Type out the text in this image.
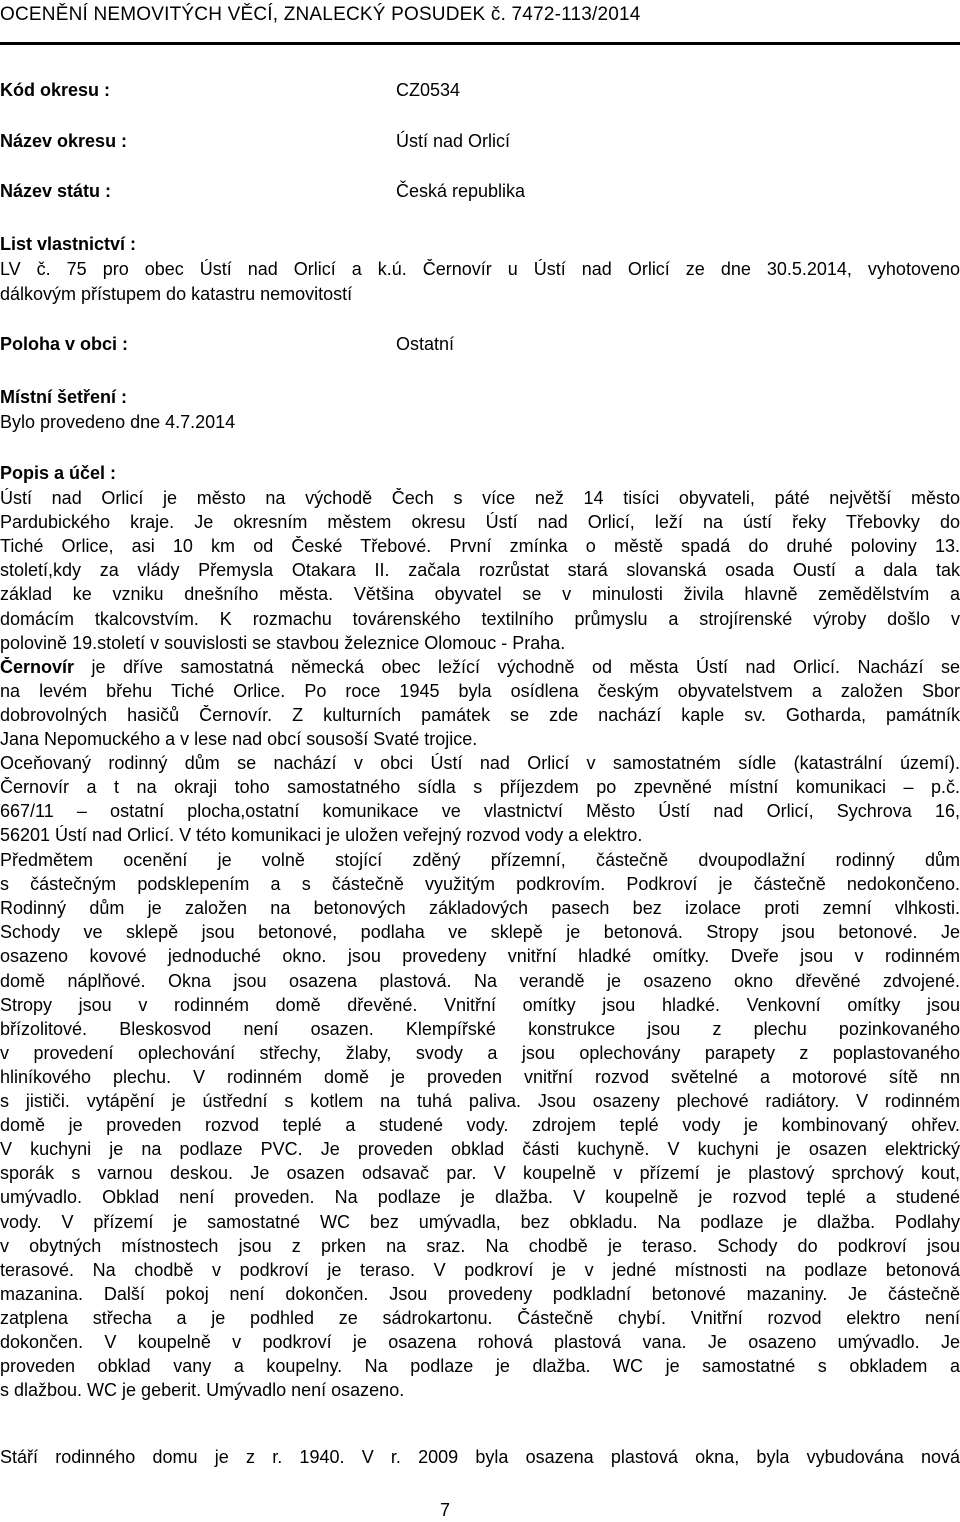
OCENĚNÍ NEMOVITÝCH VĚCÍ, ZNALECKÝ POSUDEK č. 7472-113/2014
Kód okresu :	CZ0534
Název okresu :	Ústí nad Orlicí
Název státu :	Česká republika
List vlastnictví :
LV č. 75 pro obec Ústí nad Orlicí a k.ú. Černovír u Ústí nad Orlicí ze dne 30.5.2014, vyhotoveno
dálkovým přístupem do katastru nemovitostí
Poloha v obci :	Ostatní
Místní šetření :
Bylo provedeno dne 4.7.2014
Popis a účel :
Ústí nad Orlicí je město na východě Čech s více než 14 tisíci obyvateli, páté největší město
Pardubického kraje. Je okresním městem okresu Ústí nad Orlicí, leží na ústí řeky Třebovky do
Tiché Orlice, asi 10 km od České Třebové. První zmínka o městě spadá do druhé poloviny 13.
století,kdy za vlády Přemysla Otakara II. začala rozrůstat stará slovanská osada Oustí a dala tak
základ ke vzniku dnešního města. Většina obyvatel se v minulosti živila hlavně zemědělstvím a
domácím tkalcovstvím. K rozmachu továrenského textilního průmyslu a strojírenské výroby došlo v
polovině 19.století v souvislosti se stavbou železnice Olomouc - Praha.
Černovír je dříve samostatná německá obec ležící východně od města Ústí nad Orlicí. Nachází se
na levém břehu Tiché Orlice. Po roce 1945 byla osídlena českým obyvatelstvem a založen Sbor
dobrovolných hasičů Černovír. Z kulturních památek se zde nachází kaple sv. Gotharda, památník
Jana Nepomuckého a v lese nad obcí sousoší Svaté trojice.
Oceňovaný rodinný dům se nachází v obci Ústí nad Orlicí v samostatném sídle (katastrální území).
Černovír a t na okraji toho samostatného sídla s příjezdem po zpevněné místní komunikaci – p.č.
667/11 – ostatní plocha,ostatní komunikace ve vlastnictví Město Ústí nad Orlicí, Sychrova 16,
56201 Ústí nad Orlicí. V této komunikaci je uložen veřejný rozvod vody a elektro.
Předmětem ocenění je volně stojící zděný přízemní, částečně dvoupodlažní rodinný dům
s částečným podsklepením a s částečně využitým podkrovím. Podkroví je částečně nedokončeno.
Rodinný dům je založen na betonových základových pasech bez izolace proti zemní vlhkosti.
Schody ve sklepě jsou betonové, podlaha ve sklepě je betonová. Stropy jsou betonové. Je
osazeno kovové jednoduché okno. jsou provedeny vnitřní hladké omítky. Dveře jsou v rodinném
domě náplňové. Okna jsou osazena plastová. Na verandě je osazeno okno dřevěné zdvojené.
Stropy jsou v rodinném domě dřevěné. Vnitřní omítky jsou hladké. Venkovní omítky jsou
břízolitové. Bleskosvod není osazen. Klempířské konstrukce jsou z plechu pozinkovaného
v provedení oplechování střechy, žlaby, svody a jsou oplechovány parapety z poplastovaného
hliníkového plechu. V rodinném domě je proveden vnitřní rozvod světelné a motorové sítě nn
s jističi. vytápění je ústřední s kotlem na tuhá paliva. Jsou osazeny plechové radiátory. V rodinném
domě je proveden rozvod teplé a studené vody. zdrojem teplé vody je kombinovaný ohřev.
V kuchyni je na podlaze PVC. Je proveden obklad části kuchyně. V kuchyni je osazen elektrický
sporák s varnou deskou. Je osazen odsavač par. V koupelně v přízemí je plastový sprchový kout,
umývadlo. Obklad není proveden. Na podlaze je dlažba. V koupelně je rozvod teplé a studené
vody. V přízemí je samostatné WC bez umývadla, bez obkladu. Na podlaze je dlažba. Podlahy
v obytných místnostech jsou z prken na sraz. Na chodbě je teraso. Schody do podkroví jsou
terasové. Na chodbě v podkroví je teraso. V podkroví je v jedné místnosti na podlaze betonová
mazanina. Další pokoj není dokončen. Jsou provedeny podkladní betonové mazaniny. Je částečně
zatplena střecha a je podhled ze sádrokartonu. Částečně chybí. Vnitřní rozvod elektro není
dokončen. V koupelně v podkroví je osazena rohová plastová vana. Je osazeno umývadlo. Je
proveden obklad vany a koupelny. Na podlaze je dlažba. WC je samostatné s obkladem a
s dlažbou. WC je geberit. Umývadlo není osazeno.
Stáří rodinného domu je z r. 1940. V r. 2009 byla osazena plastová okna, byla vybudována nová
7
